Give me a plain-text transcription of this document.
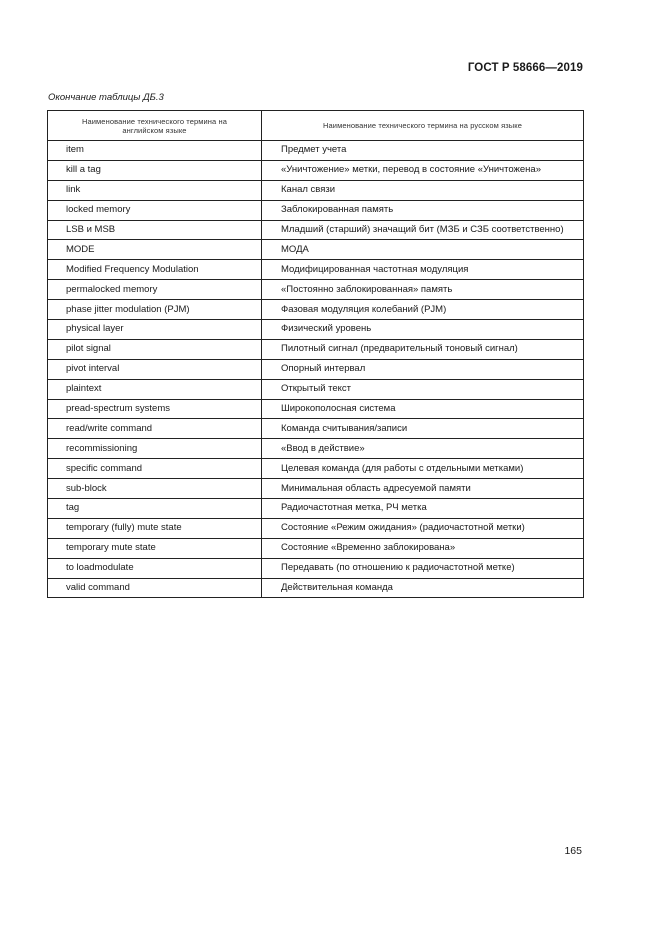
ГОСТ Р 58666—2019
Окончание таблицы ДБ.3
Наименование технического термина на английском языке	Наименование технического термина на русском языке
item	Предмет учета
kill a tag	«Уничтожение» метки, перевод в состояние «Уничтожена»
link	Канал связи
locked memory	Заблокированная память
LSB и MSB	Младший (старший) значащий бит (МЗБ и СЗБ соответственно)
MODE	МОДА
Modified Frequency Modulation	Модифицированная частотная модуляция
permalocked memory	«Постоянно заблокированная» память
phase jitter modulation (PJM)	Фазовая модуляция колебаний (PJM)
physical layer	Физический уровень
pilot signal	Пилотный сигнал (предварительный тоновый сигнал)
pivot interval	Опорный интервал
plaintext	Открытый текст
pread-spectrum systems	Широкополосная система
read/write command	Команда считывания/записи
recommissioning	«Ввод в действие»
specific command	Целевая команда (для работы с отдельными метками)
sub-block	Минимальная область адресуемой памяти
tag	Радиочастотная метка, РЧ метка
temporary (fully) mute state	Состояние «Режим ожидания» (радиочастотной метки)
temporary mute state	Состояние «Временно заблокирована»
to loadmodulate	Передавать (по отношению к радиочастотной метке)
valid command	Действительная команда
165
